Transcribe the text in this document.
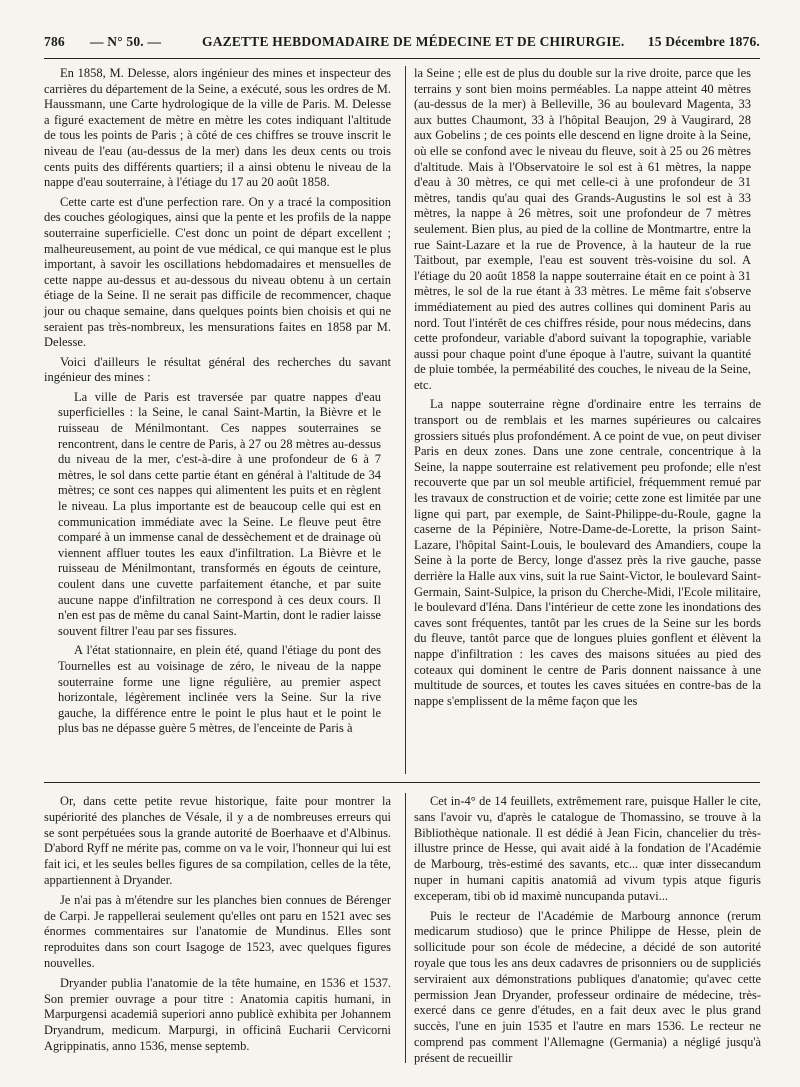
786 — N° 50. —	GAZETTE HEBDOMADAIRE DE MÉDECINE ET DE CHIRURGIE. 15 Décembre 1876.

En 1858, M. Delesse, alors ingénieur des mines et inspecteur des carrières du département de la Seine, a exécuté, sous les ordres de M. Haussmann, une Carte hydrologique de la ville de Paris. M. Delesse a figuré exactement de mètre en mètre les cotes indiquant l'altitude de tous les points de Paris ; à côté de ces chiffres se trouve inscrit le niveau de l'eau (au-dessus de la mer) dans les deux cents ou trois cents puits des différents quartiers; il a ainsi obtenu le niveau de la nappe d'eau souterraine, à l'étiage du 17 au 20 août 1858.

Cette carte est d'une perfection rare. On y a tracé la composition des couches géologiques, ainsi que la pente et les profils de la nappe souterraine superficielle. C'est donc un point de départ excellent ; malheureusement, au point de vue médical, ce qui manque est le plus important, à savoir les oscillations hebdomadaires et mensuelles de cette nappe au-dessus et au-dessous du niveau obtenu à un certain étiage de la Seine. Il ne serait pas difficile de recommencer, chaque jour ou chaque semaine, dans quelques points bien choisis et qui ne seraient pas très-nombreux, les mensurations faites en 1858 par M. Delesse.

Voici d'ailleurs le résultat général des recherches du savant ingénieur des mines :

La ville de Paris est traversée par quatre nappes d'eau superficielles : la Seine, le canal Saint-Martin, la Bièvre et le ruisseau de Ménilmontant. Ces nappes souterraines se rencontrent, dans le centre de Paris, à 27 ou 28 mètres au-dessus du niveau de la mer, c'est-à-dire à une profondeur de 6 à 7 mètres, le sol dans cette partie étant en général à l'altitude de 34 mètres; ce sont ces nappes qui alimentent les puits et en règlent le niveau. La plus importante est de beaucoup celle qui est en communication immédiate avec la Seine. Le fleuve peut être comparé à un immense canal de dessèchement et de drainage où viennent affluer toutes les eaux d'infiltration. La Bièvre et le ruisseau de Ménilmontant, transformés en égouts de ceinture, coulent dans une cuvette parfaitement étanche, et par suite aucune nappe d'infiltration ne correspond à ces deux cours. Il n'en est pas de même du canal Saint-Martin, dont le radier laisse souvent filtrer l'eau par ses fissures.

A l'état stationnaire, en plein été, quand l'étiage du pont des Tournelles est au voisinage de zéro, le niveau de la nappe souterraine forme une ligne régulière, au premier aspect horizontale, légèrement inclinée vers la Seine. Sur la rive gauche, la différence entre le point le plus haut et le point le plus bas ne dépasse guère 5 mètres, de l'enceinte de Paris à

la Seine ; elle est de plus du double sur la rive droite, parce que les terrains y sont bien moins perméables. La nappe atteint 40 mètres (au-dessus de la mer) à Belleville, 36 au boulevard Magenta, 33 aux buttes Chaumont, 33 à l'hôpital Beaujon, 29 à Vaugirard, 28 aux Gobelins ; de ces points elle descend en ligne droite à la Seine, où elle se confond avec le niveau du fleuve, soit à 25 ou 26 mètres d'altitude. Mais à l'Observatoire le sol est à 61 mètres, la nappe d'eau à 30 mètres, ce qui met celle-ci à une profondeur de 31 mètres, tandis qu'au quai des Grands-Augustins le sol est à 33 mètres, la nappe à 26 mètres, soit une profondeur de 7 mètres seulement. Bien plus, au pied de la colline de Montmartre, entre la rue Saint-Lazare et la rue de Provence, à la hauteur de la rue Taitbout, par exemple, l'eau est souvent très-voisine du sol. A l'étiage du 20 août 1858 la nappe souterraine était en ce point à 31 mètres, le sol de la rue étant à 33 mètres. Le même fait s'observe immédiatement au pied des autres collines qui dominent Paris au nord. Tout l'intérêt de ces chiffres réside, pour nous médecins, dans cette profondeur, variable d'abord suivant la topographie, variable aussi pour chaque point d'une époque à l'autre, suivant la quantité de pluie tombée, la perméabilité des couches, le niveau de la Seine, etc.

La nappe souterraine règne d'ordinaire entre les terrains de transport ou de remblais et les marnes supérieures ou calcaires grossiers situés plus profondément. A ce point de vue, on peut diviser Paris en deux zones. Dans une zone centrale, concentrique à la Seine, la nappe souterraine est relativement peu profonde; elle n'est recouverte que par un sol meuble artificiel, fréquemment remué par les travaux de construction et de voirie; cette zone est limitée par une ligne qui part, par exemple, de Saint-Philippe-du-Roule, gagne la caserne de la Pépinière, Notre-Dame-de-Lorette, la prison Saint-Lazare, l'hôpital Saint-Louis, le boulevard des Amandiers, coupe la Seine à la porte de Bercy, longe d'assez près la rive gauche, passe derrière la Halle aux vins, suit la rue Saint-Victor, le boulevard Saint-Germain, Saint-Sulpice, la prison du Cherche-Midi, l'Ecole militaire, le boulevard d'Iéna. Dans l'intérieur de cette zone les inondations des caves sont fréquentes, tantôt par les crues de la Seine sur les bords du fleuve, tantôt parce que de longues pluies gonflent et élèvent la nappe d'infiltration : les caves des maisons situées au pied des coteaux qui dominent le centre de Paris donnent naissance à une multitude de sources, et toutes les caves situées en contre-bas de la nappe s'emplissent de la même façon que les

Or, dans cette petite revue historique, faite pour montrer la supériorité des planches de Vésale, il y a de nombreuses erreurs qui se sont perpétuées sous la grande autorité de Boerhaave et d'Albinus. D'abord Ryff ne mérite pas, comme on va le voir, l'honneur qui lui est fait ici, et les seules belles figures de sa compilation, celles de la tête, appartiennent à Dryander.

Je n'ai pas à m'étendre sur les planches bien connues de Bérenger de Carpi. Je rappellerai seulement qu'elles ont paru en 1521 avec ses énormes commentaires sur l'anatomie de Mundinus. Elles sont reproduites dans son court Isagoge de 1523, avec quelques figures nouvelles.

Dryander publia l'anatomie de la tête humaine, en 1536 et 1537. Son premier ouvrage a pour titre : Anatomia capitis humani, in Marpurgensi academiâ superiori anno publicè exhibita per Johannem Dryandrum, medicum. Marpurgi, in officinâ Eucharii Cervicorni Agrippinatis, anno 1536, mense septemb.

Cet in-4° de 14 feuillets, extrêmement rare, puisque Haller le cite, sans l'avoir vu, d'après le catalogue de Thomassino, se trouve à la Bibliothèque nationale. Il est dédié à Jean Ficin, chancelier du très-illustre prince de Hesse, qui avait aidé à la fondation de l'Académie de Marbourg, très-estimé des savants, etc... quæ inter dissecandum nuper in humani capitis anatomiâ ad vivum typis atque figuris exceperam, tibi ob id maximè nuncupanda putavi...

Puis le recteur de l'Académie de Marbourg annonce (rerum medicarum studioso) que le prince Philippe de Hesse, plein de sollicitude pour son école de médecine, a décidé de son autorité royale que tous les ans deux cadavres de prisonniers ou de suppliciés serviraient aux démonstrations publiques d'anatomie; qu'avec cette permission Jean Dryander, professeur ordinaire de médecine, très-exercé dans ce genre d'études, en a fait deux avec le plus grand succès, l'une en juin 1535 et l'autre en mars 1536. Le recteur ne comprend pas comment l'Allemagne (Germania) a négligé jusqu'à présent de recueillir
